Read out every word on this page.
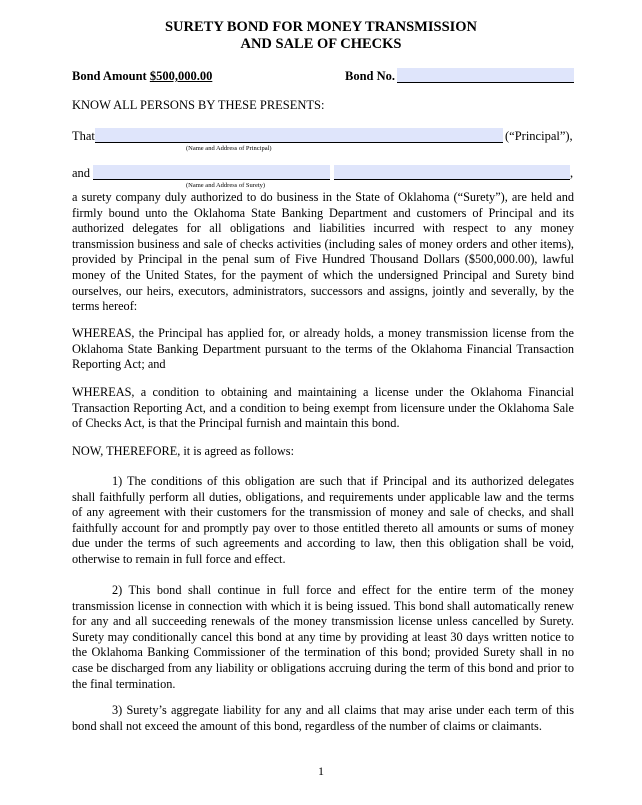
SURETY BOND FOR MONEY TRANSMISSION
AND SALE OF CHECKS
Bond Amount $500,000.00	Bond No.
KNOW ALL PERSONS BY THESE PRESENTS:
That	(“Principal”),
(Name and Address of Principal)
and	,
(Name and Address of Surety)
a surety company duly authorized to do business in the State of Oklahoma (“Surety”), are held and firmly bound unto the Oklahoma State Banking Department and customers of Principal and its authorized delegates for all obligations and liabilities incurred with respect to any money transmission business and sale of checks activities (including sales of money orders and other items), provided by Principal in the penal sum of Five Hundred Thousand Dollars ($500,000.00), lawful money of the United States, for the payment of which the undersigned Principal and Surety bind ourselves, our heirs, executors, administrators, successors and assigns, jointly and severally, by the terms hereof:
WHEREAS, the Principal has applied for, or already holds, a money transmission license from the Oklahoma State Banking Department pursuant to the terms of the Oklahoma Financial Transaction Reporting Act; and
WHEREAS, a condition to obtaining and maintaining a license under the Oklahoma Financial Transaction Reporting Act, and a condition to being exempt from licensure under the Oklahoma Sale of Checks Act, is that the Principal furnish and maintain this bond.
NOW, THEREFORE, it is agreed as follows:
1) The conditions of this obligation are such that if Principal and its authorized delegates shall faithfully perform all duties, obligations, and requirements under applicable law and the terms of any agreement with their customers for the transmission of money and sale of checks, and shall faithfully account for and promptly pay over to those entitled thereto all amounts or sums of money due under the terms of such agreements and according to law, then this obligation shall be void, otherwise to remain in full force and effect.
2) This bond shall continue in full force and effect for the entire term of the money transmission license in connection with which it is being issued. This bond shall automatically renew for any and all succeeding renewals of the money transmission license unless cancelled by Surety. Surety may conditionally cancel this bond at any time by providing at least 30 days written notice to the Oklahoma Banking Commissioner of the termination of this bond; provided Surety shall in no case be discharged from any liability or obligations accruing during the term of this bond and prior to the final termination.
3) Surety’s aggregate liability for any and all claims that may arise under each term of this bond shall not exceed the amount of this bond, regardless of the number of claims or claimants.
1
